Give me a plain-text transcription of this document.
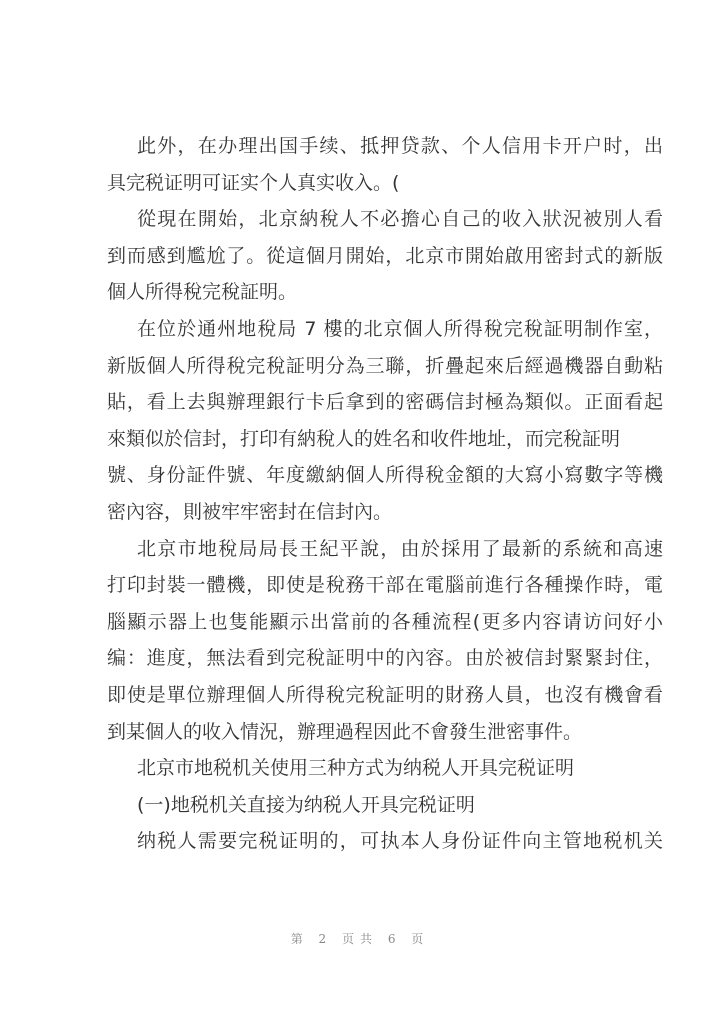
此外，在办理出国手续、抵押贷款、个人信用卡开户时，出
具完税证明可证实个人真实收入。(
從現在開始，北京納稅人不必擔心自己的收入狀況被別人看
到而感到尷尬了。從這個月開始，北京市開始啟用密封式的新版
個人所得稅完稅証明。
在位於通州地稅局 7 樓的北京個人所得稅完稅証明制作室，
新版個人所得稅完稅証明分為三聯，折疊起來后經過機器自動粘
貼，看上去與辦理銀行卡后拿到的密碼信封極為類似。正面看起
來類似於信封，打印有納稅人的姓名和收件地址，而完稅証明
號、身份証件號、年度繳納個人所得稅金額的大寫小寫數字等機
密內容，則被牢牢密封在信封內。
北京市地稅局局長王紀平說，由於採用了最新的系統和高速
打印封裝一體機，即使是稅務干部在電腦前進行各種操作時，電
腦顯示器上也隻能顯示出當前的各種流程(更多内容请访问好小
编：進度，無法看到完稅証明中的內容。由於被信封緊緊封住，
即使是單位辦理個人所得稅完稅証明的財務人員，也沒有機會看
到某個人的收入情況，辦理過程因此不會發生泄密事件。
北京市地税机关使用三种方式为纳税人开具完税证明
(一)地税机关直接为纳税人开具完税证明
纳税人需要完税证明的，可执本人身份证件向主管地税机关
第 2 页共 6 页
